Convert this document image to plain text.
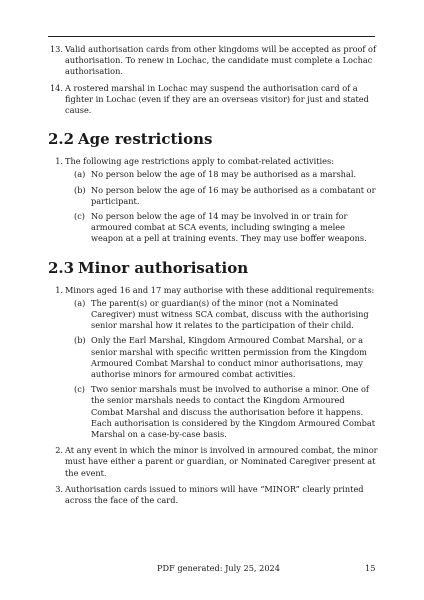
13. Valid authorisation cards from other kingdoms will be accepted as proof of authorisation. To renew in Lochac, the candidate must complete a Lochac authorisation.
14. A rostered marshal in Lochac may suspend the authorisation card of a fighter in Lochac (even if they are an overseas visitor) for just and stated cause.
2.2 Age restrictions
1. The following age restrictions apply to combat-related activities:
(a) No person below the age of 18 may be authorised as a marshal.
(b) No person below the age of 16 may be authorised as a combatant or participant.
(c) No person below the age of 14 may be involved in or train for armoured combat at SCA events, including swinging a melee weapon at a pell at training events. They may use boffer weapons.
2.3 Minor authorisation
1. Minors aged 16 and 17 may authorise with these additional requirements:
(a) The parent(s) or guardian(s) of the minor (not a Nominated Caregiver) must witness SCA combat, discuss with the authorising senior marshal how it relates to the participation of their child.
(b) Only the Earl Marshal, Kingdom Armoured Combat Marshal, or a senior marshal with specific written permission from the Kingdom Armoured Combat Marshal to conduct minor authorisations, may authorise minors for armoured combat activities.
(c) Two senior marshals must be involved to authorise a minor. One of the senior marshals needs to contact the Kingdom Armoured Combat Marshal and discuss the authorisation before it happens. Each authorisation is considered by the Kingdom Armoured Combat Marshal on a case-by-case basis.
2. At any event in which the minor is involved in armoured combat, the minor must have either a parent or guardian, or Nominated Caregiver present at the event.
3. Authorisation cards issued to minors will have “MINOR” clearly printed across the face of the card.
PDF generated: July 25, 2024	15
